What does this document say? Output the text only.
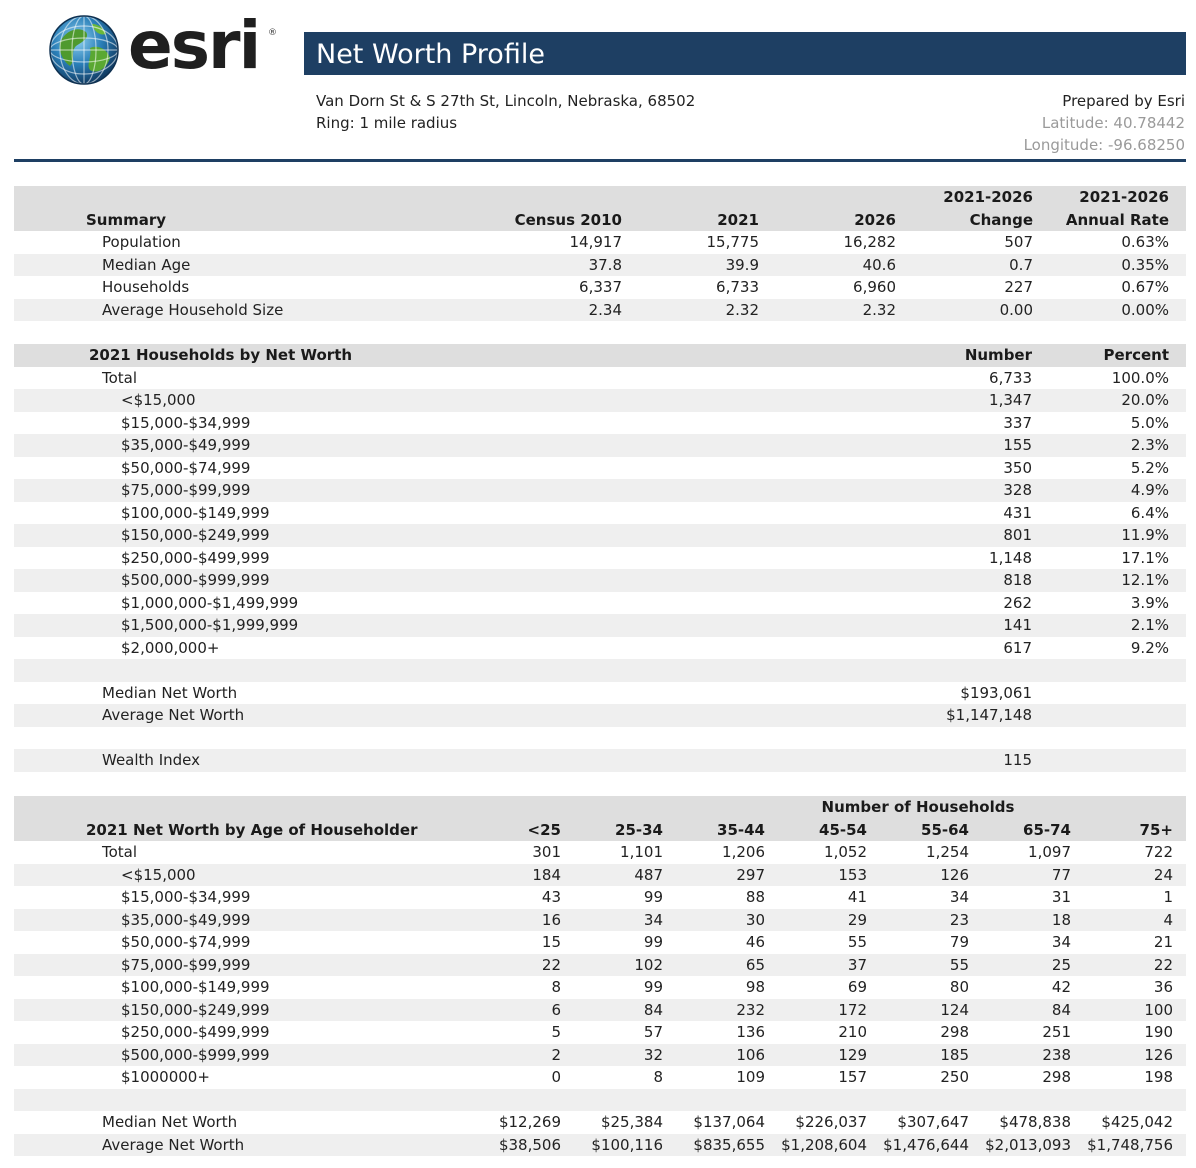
esri ®
Net Worth Profile
Van Dorn St & S 27th St, Lincoln, Nebraska, 68502
Ring: 1 mile radius
Prepared by Esri
Latitude: 40.78442
Longitude: -96.68250
				2021-2026	2021-2026	
Summary	Census 2010	2021	2026	Change	Annual Rate	
Population	14,917	15,775	16,282	507	0.63%	
Median Age	37.8	39.9	40.6	0.7	0.35%	
Households	6,337	6,733	6,960	227	0.67%	
Average Household Size	2.34	2.32	2.32	0.00	0.00%	

2021 Households by Net Worth	Number	Percent	
Total	6,733	100.0%	
<$15,000	1,347	20.0%	
$15,000-$34,999	337	5.0%	
$35,000-$49,999	155	2.3%	
$50,000-$74,999	350	5.2%	
$75,000-$99,999	328	4.9%	
$100,000-$149,999	431	6.4%	
$150,000-$249,999	801	11.9%	
$250,000-$499,999	1,148	17.1%	
$500,000-$999,999	818	12.1%	
$1,000,000-$1,499,999	262	3.9%	
$1,500,000-$1,999,999	141	2.1%	
$2,000,000+	617	9.2%	

Median Net Worth	$193,061		
Average Net Worth	$1,147,148		

Wealth Index	115		

			Number of Households						
2021 Net Worth by Age of Householder	<25	25-34	35-44	45-54	55-64	65-74	75+		
Total	301	1,101	1,206	1,052	1,254	1,097	722		
<$15,000	184	487	297	153	126	77	24		
$15,000-$34,999	43	99	88	41	34	31	1		
$35,000-$49,999	16	34	30	29	23	18	4		
$50,000-$74,999	15	99	46	55	79	34	21		
$75,000-$99,999	22	102	65	37	55	25	22		
$100,000-$149,999	8	99	98	69	80	42	36		
$150,000-$249,999	6	84	232	172	124	84	100		
$250,000-$499,999	5	57	136	210	298	251	190		
$500,000-$999,999	2	32	106	129	185	238	126		
$1000000+	0	8	109	157	250	298	198		

Median Net Worth	$12,269	$25,384	$137,064	$226,037	$307,647	$478,838	$425,042		
Average Net Worth	$38,506	$100,116	$835,655	$1,208,604	$1,476,644	$2,013,093	$1,748,756		
